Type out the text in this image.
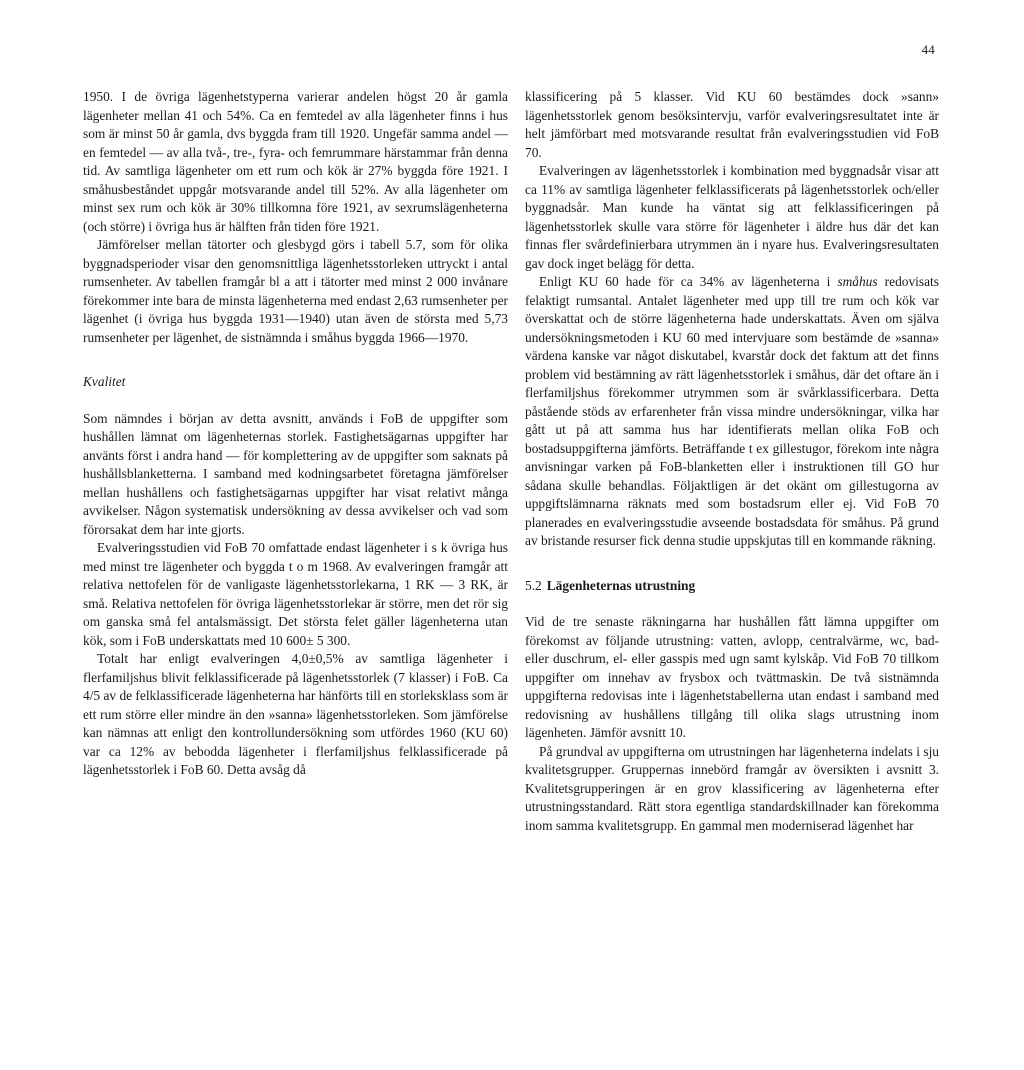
44

1950. I de övriga lägenhetstyperna varierar andelen högst 20 år gamla lägenheter mellan 41 och 54%. Ca en femtedel av alla lägenheter finns i hus som är minst 50 år gamla, dvs byggda fram till 1920. Ungefär samma andel — en femtedel — av alla två-, tre-, fyra- och femrummare härstammar från denna tid. Av samtliga lägenheter om ett rum och kök är 27% byggda före 1921. I småhusbeståndet uppgår motsvarande andel till 52%. Av alla lägenheter om minst sex rum och kök är 30% tillkomna före 1921, av sexrumslägenheterna (och större) i övriga hus är hälften från tiden före 1921.

Jämförelser mellan tätorter och glesbygd görs i tabell 5.7, som för olika byggnadsperioder visar den genomsnittliga lägenhetsstorleken uttryckt i antal rumsenheter. Av tabellen framgår bl a att i tätorter med minst 2 000 invånare förekommer inte bara de minsta lägenheterna med endast 2,63 rumsenheter per lägenhet (i övriga hus byggda 1931—1940) utan även de största med 5,73 rumsenheter per lägenhet, de sistnämnda i småhus byggda 1966—1970.

Kvalitet

Som nämndes i början av detta avsnitt, används i FoB de uppgifter som hushållen lämnat om lägenheternas storlek. Fastighetsägarnas uppgifter har använts först i andra hand — för komplettering av de uppgifter som saknats på hushållsblanketterna. I samband med kodningsarbetet företagna jämförelser mellan hushållens och fastighetsägarnas uppgifter har visat relativt många avvikelser. Någon systematisk undersökning av dessa avvikelser och vad som förorsakat dem har inte gjorts.

Evalveringsstudien vid FoB 70 omfattade endast lägenheter i s k övriga hus med minst tre lägenheter och byggda t o m 1968. Av evalveringen framgår att relativa nettofelen för de vanligaste lägenhetsstorlekarna, 1 RK — 3 RK, är små. Relativa nettofelen för övriga lägenhetsstorlekar är större, men det rör sig om ganska små fel antalsmässigt. Det största felet gäller lägenheterna utan kök, som i FoB underskattats med 10 600± 5 300.

Totalt har enligt evalveringen 4,0±0,5% av samtliga lägenheter i flerfamiljshus blivit felklassificerade på lägenhetsstorlek (7 klasser) i FoB. Ca 4/5 av de felklassificerade lägenheterna har hänförts till en storleksklass som är ett rum större eller mindre än den »sanna» lägenhetsstorleken. Som jämförelse kan nämnas att enligt den kontrollundersökning som utfördes 1960 (KU 60) var ca 12% av bebodda lägenheter i flerfamiljshus felklassificerade på lägenhetsstorlek i FoB 60. Detta avsåg då

klassificering på 5 klasser. Vid KU 60 bestämdes dock »sann» lägenhetsstorlek genom besöksintervju, varför evalveringsresultatet inte är helt jämförbart med motsvarande resultat från evalveringsstudien vid FoB 70.

Evalveringen av lägenhetsstorlek i kombination med byggnadsår visar att ca 11% av samtliga lägenheter felklassificerats på lägenhetsstorlek och/eller byggnadsår. Man kunde ha väntat sig att felklassificeringen på lägenhetsstorlek skulle vara större för lägenheter i äldre hus där det kan finnas fler svårdefinierbara utrymmen än i nyare hus. Evalveringsresultaten gav dock inget belägg för detta.

Enligt KU 60 hade för ca 34% av lägenheterna i småhus redovisats felaktigt rumsantal. Antalet lägenheter med upp till tre rum och kök var överskattat och de större lägenheterna hade underskattats. Även om själva undersökningsmetoden i KU 60 med intervjuare som bestämde de »sanna» värdena kanske var något diskutabel, kvarstår dock det faktum att det finns problem vid bestämning av rätt lägenhetsstorlek i småhus, där det oftare än i flerfamiljshus förekommer utrymmen som är svårklassificerbara. Detta påstående stöds av erfarenheter från vissa mindre undersökningar, vilka har gått ut på att samma hus har identifierats mellan olika FoB och bostadsuppgifterna jämförts. Beträffande t ex gillestugor, förekom inte några anvisningar varken på FoB-blanketten eller i instruktionen till GO hur sådana skulle behandlas. Följaktligen är det okänt om gillestugorna av uppgiftslämnarna räknats med som bostadsrum eller ej. Vid FoB 70 planerades en evalveringsstudie avseende bostadsdata för småhus. På grund av bristande resurser fick denna studie uppskjutas till en kommande räkning.

5.2 Lägenheternas utrustning

Vid de tre senaste räkningarna har hushållen fått lämna uppgifter om förekomst av följande utrustning: vatten, avlopp, centralvärme, wc, bad- eller duschrum, el- eller gasspis med ugn samt kylskåp. Vid FoB 70 tillkom uppgifter om innehav av frysbox och tvättmaskin. De två sistnämnda uppgifterna redovisas inte i lägenhetstabellerna utan endast i samband med redovisning av hushållens tillgång till olika slags utrustning inom lägenheten. Jämför avsnitt 10.

På grundval av uppgifterna om utrustningen har lägenheterna indelats i sju kvalitetsgrupper. Gruppernas innebörd framgår av översikten i avsnitt 3. Kvalitetsgrupperingen är en grov klassificering av lägenheterna efter utrustningsstandard. Rätt stora egentliga standardskillnader kan förekomma inom samma kvalitetsgrupp. En gammal men moderniserad lägenhet har
